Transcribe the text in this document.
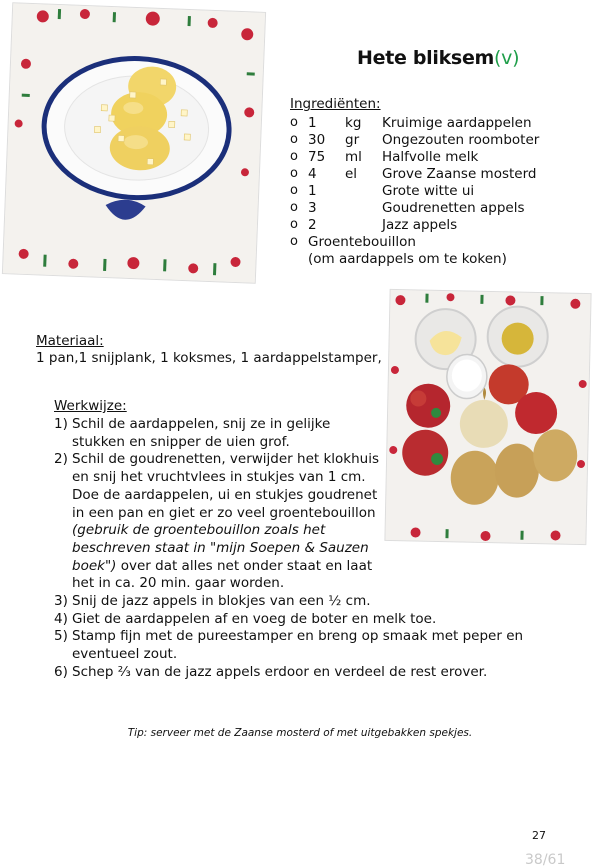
Hete bliksem(v)
Ingrediënten:
o 1 kg Kruimige aardappelen
o 30 gr Ongezouten roomboter
o 75 ml Halfvolle melk
o 4 el Grove Zaanse mosterd
o 1	Grote witte ui
o 3	Goudrenetten appels
o 2	Jazz appels
o Groentebouillon
(om aardappels om te koken)
Materiaal:
1 pan,1 snijplank, 1 koksmes, 1 aardappelstamper,
Werkwijze:
1) Schil de aardappelen, snij ze in gelijke stukken en snipper de uien grof.
2) Schil de goudrenetten, verwijder het klokhuis en snij het vruchtvlees in stukjes van 1 cm. Doe de aardappelen, ui en stukjes goudrenet in een pan en giet er zo veel groentebouillon (gebruik de groentebouillon zoals het beschreven staat in "mijn Soepen & Sauzen boek") over dat alles net onder staat en laat het in ca. 20 min. gaar worden.
3) Snij de jazz appels in blokjes van een ½ cm.
4) Giet de aardappelen af en voeg de boter en melk toe.
5) Stamp fijn met de pureestamper en breng op smaak met peper en eventueel zout.
6) Schep ⅔ van de jazz appels erdoor en verdeel de rest erover.
Tip: serveer met de Zaanse mosterd of met uitgebakken spekjes.
27
38/61
